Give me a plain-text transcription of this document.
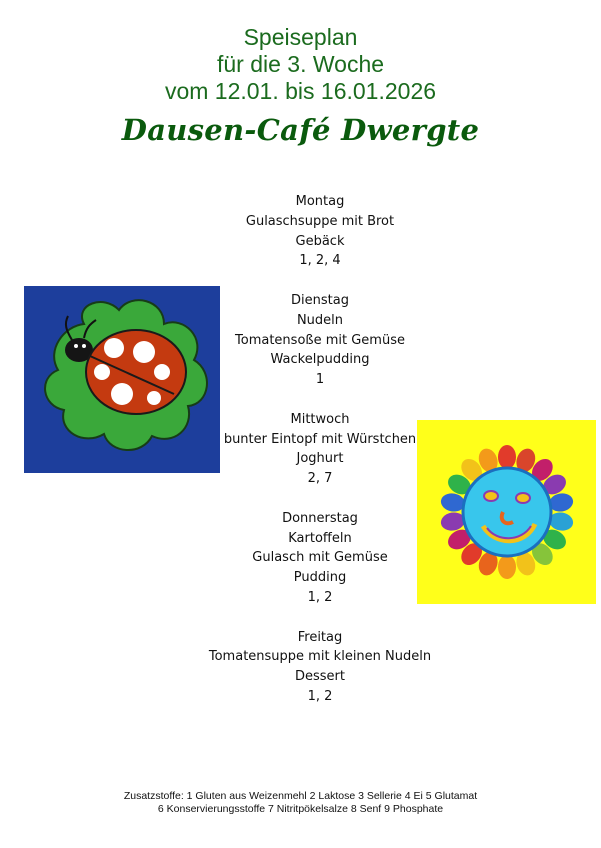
Speiseplan
für die 3. Woche
vom 12.01. bis 16.01.2026
Dausen-Café Dwergte
Montag
Gulaschsuppe mit Brot
Gebäck
1, 2, 4
Dienstag
Nudeln
Tomatensoße mit Gemüse
Wackelpudding
1
Mittwoch
bunter Eintopf mit Würstchen
Joghurt
2, 7
Donnerstag
Kartoffeln
Gulasch mit Gemüse
Pudding
1, 2
Freitag
Tomatensuppe mit kleinen Nudeln
Dessert
1, 2
Zusatzstoffe: 1 Gluten aus Weizenmehl 2 Laktose 3 Sellerie 4 Ei 5 Glutamat
6 Konservierungsstoffe 7 Nitritpökelsalze 8 Senf 9 Phosphate
